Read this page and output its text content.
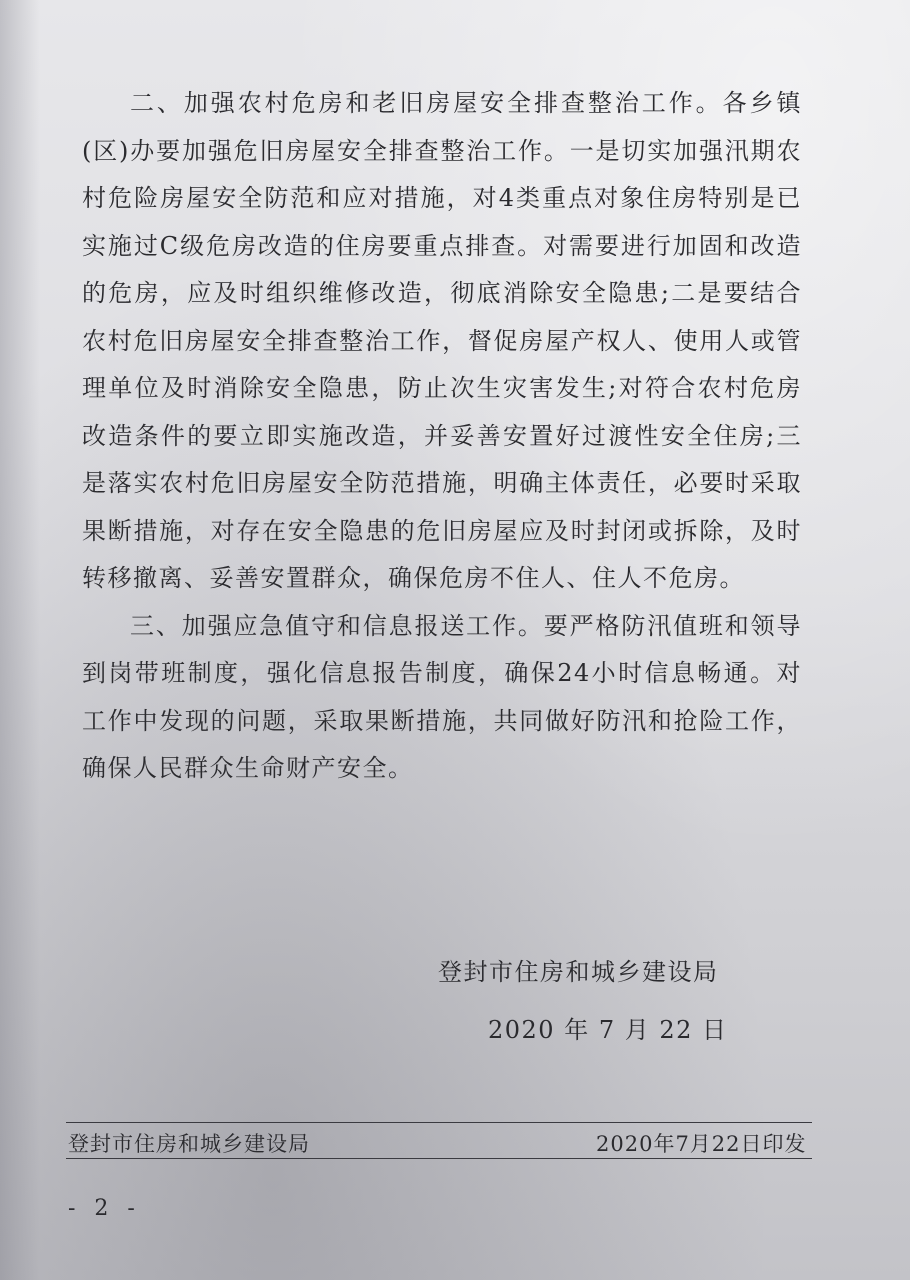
二、加强农村危房和老旧房屋安全排查整治工作。各乡镇(区)办要加强危旧房屋安全排查整治工作。一是切实加强汛期农村危险房屋安全防范和应对措施，对4类重点对象住房特别是已实施过C级危房改造的住房要重点排查。对需要进行加固和改造的危房，应及时组织维修改造，彻底消除安全隐患;二是要结合农村危旧房屋安全排查整治工作，督促房屋产权人、使用人或管理单位及时消除安全隐患，防止次生灾害发生;对符合农村危房改造条件的要立即实施改造，并妥善安置好过渡性安全住房;三是落实农村危旧房屋安全防范措施，明确主体责任，必要时采取果断措施，对存在安全隐患的危旧房屋应及时封闭或拆除，及时转移撤离、妥善安置群众，确保危房不住人、住人不危房。

三、加强应急值守和信息报送工作。要严格防汛值班和领导到岗带班制度，强化信息报告制度，确保24小时信息畅通。对工作中发现的问题，采取果断措施，共同做好防汛和抢险工作，确保人民群众生命财产安全。

登封市住房和城乡建设局
2020 年 7 月 22 日
登封市住房和城乡建设局	2020年7月22日印发
- 2 -
